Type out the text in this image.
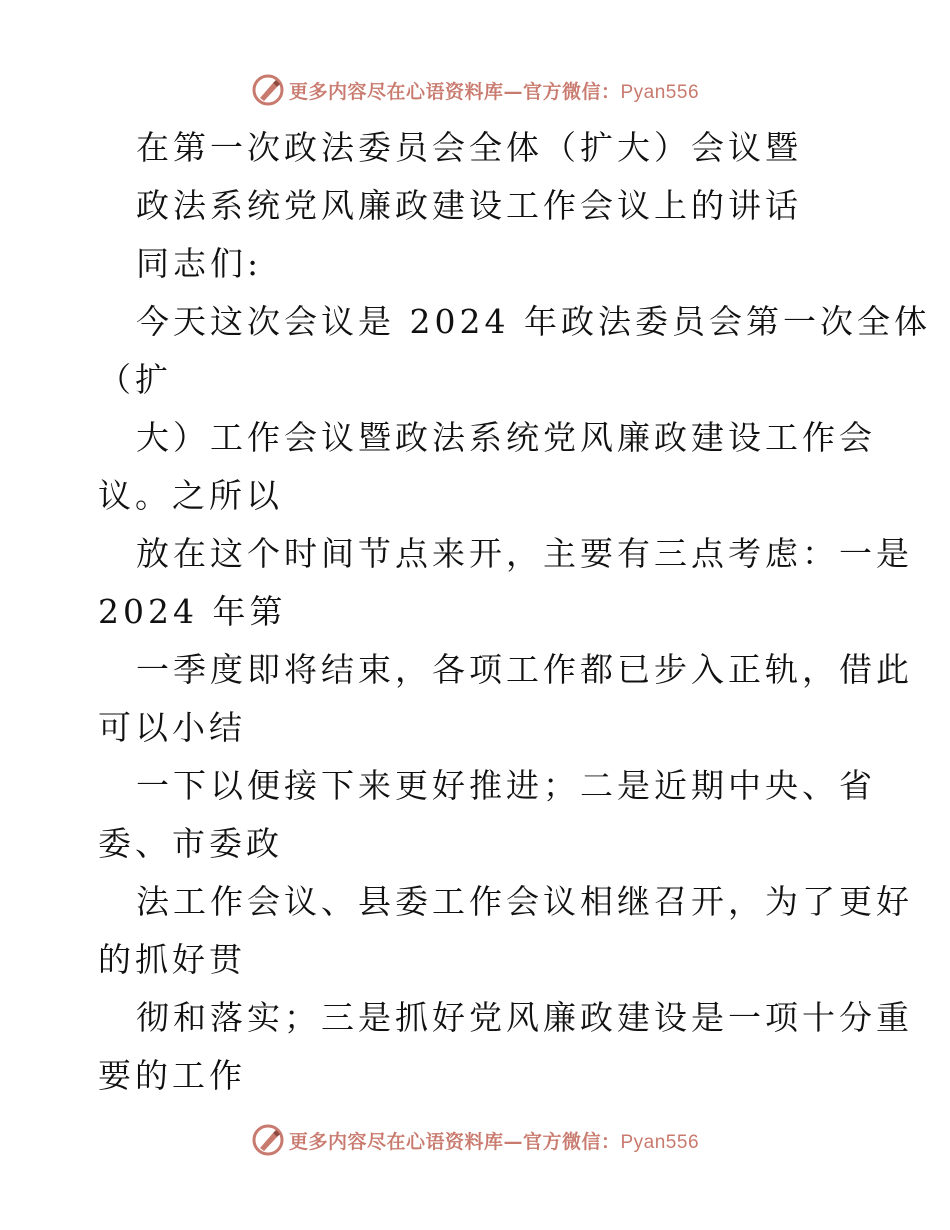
更多内容尽在心语资料库—官方微信：Pyan556
在第一次政法委员会全体（扩大）会议暨
政法系统党风廉政建设工作会议上的讲话
同志们:
今天这次会议是 2024 年政法委员会第一次全体
（扩
大）工作会议暨政法系统党风廉政建设工作会
议。之所以
放在这个时间节点来开，主要有三点考虑：一是
2024 年第
一季度即将结束，各项工作都已步入正轨，借此
可以小结
一下以便接下来更好推进；二是近期中央、省
委、市委政
法工作会议、县委工作会议相继召开，为了更好
的抓好贯
彻和落实；三是抓好党风廉政建设是一项十分重
要的工作
更多内容尽在心语资料库—官方微信：Pyan556
